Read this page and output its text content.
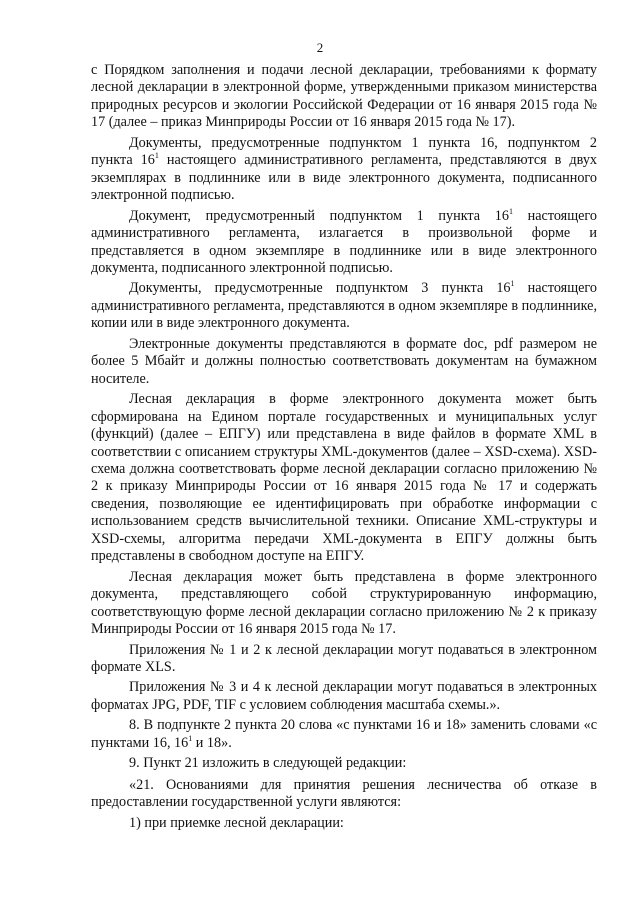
2

с Порядком заполнения и подачи лесной декларации, требованиями к формату лесной декларации в электронной форме, утвержденными приказом министерства природных ресурсов и экологии Российской Федерации от 16 января 2015 года № 17 (далее – приказ Минприроды России от 16 января 2015 года № 17).

Документы, предусмотренные подпунктом 1 пункта 16, подпунктом 2 пункта $16^1$ настоящего административного регламента, представляются в двух экземплярах в подлиннике или в виде электронного документа, подписанного электронной подписью.

Документ, предусмотренный подпунктом 1 пункта $16^1$ настоящего административного регламента, излагается в произвольной форме и представляется в одном экземпляре в подлиннике или в виде электронного документа, подписанного электронной подписью.

Документы, предусмотренные подпунктом 3 пункта $16^1$ настоящего административного регламента, представляются в одном экземпляре в подлиннике, копии или в виде электронного документа.

Электронные документы представляются в формате doc, pdf размером не более 5 Мбайт и должны полностью соответствовать документам на бумажном носителе.

Лесная декларация в форме электронного документа может быть сформирована на Едином портале государственных и муниципальных услуг (функций) (далее – ЕПГУ) или представлена в виде файлов в формате XML в соответствии с описанием структуры XML-документов (далее – XSD-схема). XSD-схема должна соответствовать форме лесной декларации согласно приложению № 2 к приказу Минприроды России от 16 января 2015 года № 17 и содержать сведения, позволяющие ее идентифицировать при обработке информации с использованием средств вычислительной техники. Описание XML-структуры и XSD-схемы, алгоритма передачи XML-документа в ЕПГУ должны быть представлены в свободном доступе на ЕПГУ.

Лесная декларация может быть представлена в форме электронного документа, представляющего собой структурированную информацию, соответствующую форме лесной декларации согласно приложению № 2 к приказу Минприроды России от 16 января 2015 года № 17.

Приложения № 1 и 2 к лесной декларации могут подаваться в электронном формате XLS.

Приложения № 3 и 4 к лесной декларации могут подаваться в электронных форматах JPG, PDF, TIF с условием соблюдения масштаба схемы.».

8. В подпункте 2 пункта 20 слова «с пунктами 16 и 18» заменить словами «с пунктами 16, $16^1$ и 18».

9. Пункт 21 изложить в следующей редакции:

«21. Основаниями для принятия решения лесничества об отказе в предоставлении государственной услуги являются:

1) при приемке лесной декларации:
